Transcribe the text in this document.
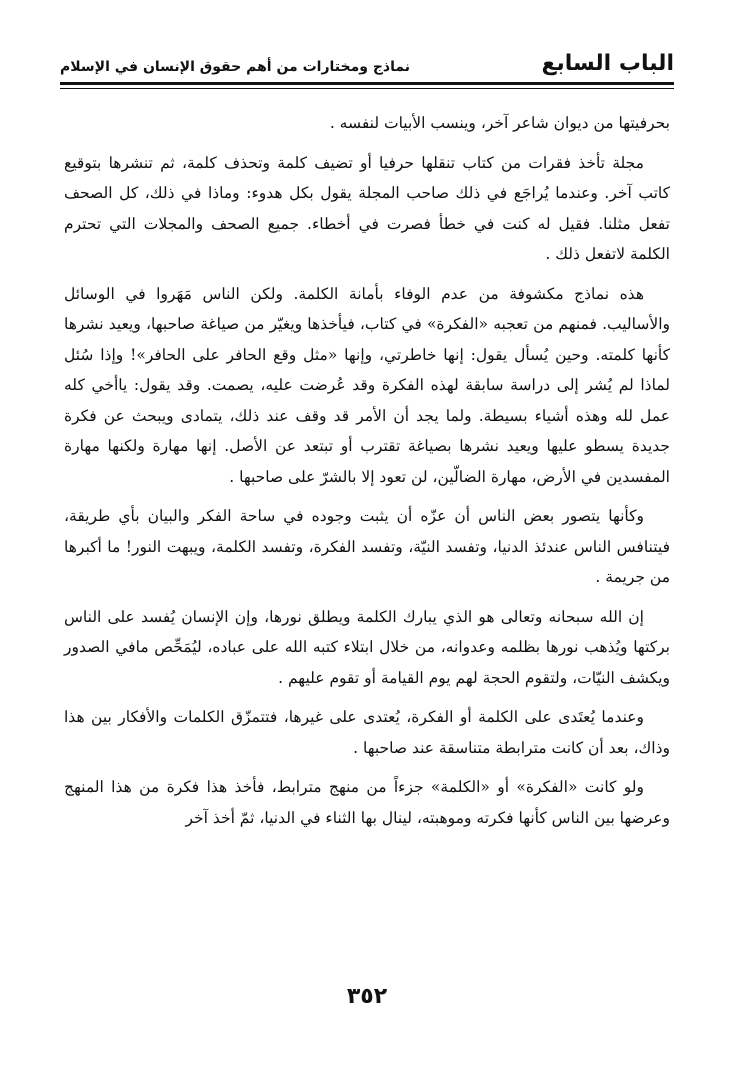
الباب السابع
نماذج ومختارات من أهم حقوق الإنسان في الإسلام

بحرفيتها من ديوان شاعر آخر، وينسب الأبيات لنفسه .

مجلة تأخذ فقرات من كتاب تنقلها حرفيا أو تضيف كلمة وتحذف كلمة، ثم تنشرها بتوقيع كاتب آخر. وعندما يُراجَع في ذلك صاحب المجلة يقول بكل هدوء: وماذا في ذلك، كل الصحف تفعل مثلنا. فقيل له كنت في خطأ فصرت في أخطاء. جميع الصحف والمجلات التي تحترم الكلمة لاتفعل ذلك .

هذه نماذج مكشوفة من عدم الوفاء بأمانة الكلمة. ولكن الناس مَهَروا في الوسائل والأساليب. فمنهم من تعجبه «الفكرة» في كتاب، فيأخذها ويغيّر من صياغة صاحبها، ويعيد نشرها كأنها كلمته. وحين يُسأل يقول: إنها خاطرتي، وإنها «مثل وقع الحافر على الحافر»! وإذا سُئل لماذا لم يُشر إلى دراسة سابقة لهذه الفكرة وقد عُرضت عليه، يصمت. وقد يقول: ياأخي كله عمل لله وهذه أشياء بسيطة. ولما يجد أن الأمر قد وقف عند ذلك، يتمادى ويبحث عن فكرة جديدة يسطو عليها ويعيد نشرها بصياغة تقترب أو تبتعد عن الأصل. إنها مهارة ولكنها مهارة المفسدين في الأرض، مهارة الضالّين، لن تعود إلا بالشرّ على صاحبها .

وكأنها يتصور بعض الناس أن عزّه أن يثبت وجوده في ساحة الفكر والبيان بأي طريقة، فيتنافس الناس عندئذ الدنيا، وتفسد النيّة، وتفسد الفكرة، وتفسد الكلمة، ويبهت النور! ما أكبرها من جريمة .

إن الله سبحانه وتعالى هو الذي يبارك الكلمة ويطلق نورها، وإن الإنسان يُفسد على الناس بركتها ويُذهب نورها بظلمه وعدوانه، من خلال ابتلاء كتبه الله على عباده، ليُمَحِّص مافي الصدور ويكشف النيّات، ولتقوم الحجة لهم يوم القيامة أو تقوم عليهم .

وعندما يُعتَدى على الكلمة أو الفكرة، يُعتدى على غيرها، فتتمزّق الكلمات والأفكار بين هذا وذاك، بعد أن كانت مترابطة متناسقة عند صاحبها .

ولو كانت «الفكرة» أو «الكلمة» جزءاً من منهج مترابط، فأخذ هذا فكرة من هذا المنهج وعرضها بين الناس كأنها فكرته وموهبته، لينال بها الثناء في الدنيا، ثمّ أخذ آخر

٣٥٢
